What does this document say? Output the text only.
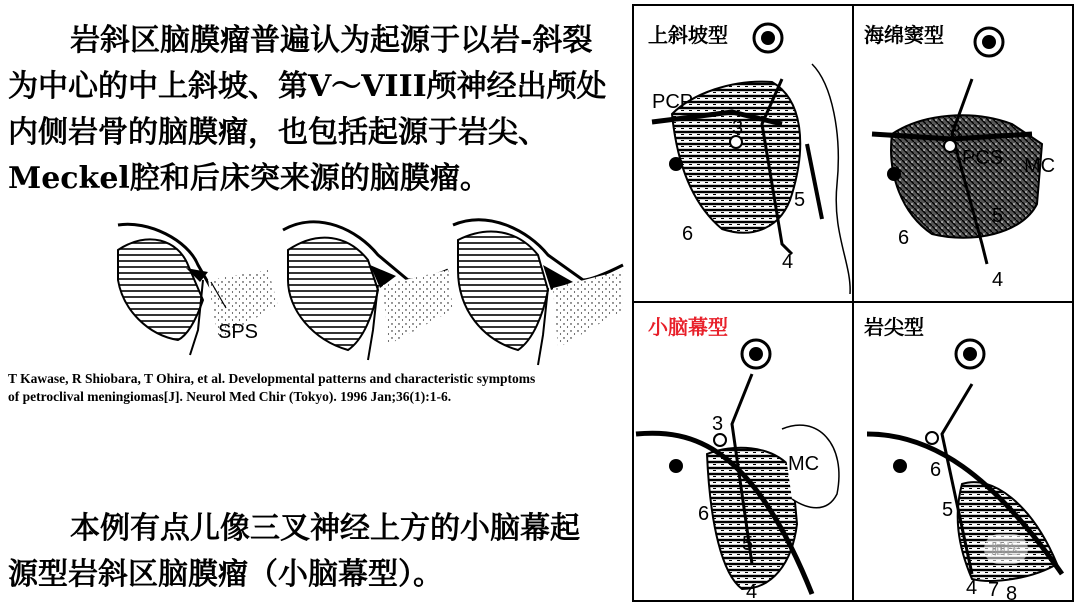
岩斜区脑膜瘤普遍认为起源于以岩-斜裂
为中心的中上斜坡、第V～VIII颅神经出颅处
内侧岩骨的脑膜瘤，也包括起源于岩尖、
Meckel腔和后床突来源的脑膜瘤。
SPS
T Kawase, R Shiobara, T Ohira, et al. Developmental patterns and characteristic symptoms
of petroclival meningiomas[J]. Neurol Med Chir (Tokyo). 1996 Jan;36(1):1-6.
本例有点儿像三叉神经上方的小脑幕起
源型岩斜区脑膜瘤（小脑幕型）。
上斜坡型
PCP
3
6
5
4
海绵窦型
3
PCS MC
6
5
4
小脑幕型
3
MC
6
5
4
岩尖型
6
5
4 7 8
脑医
